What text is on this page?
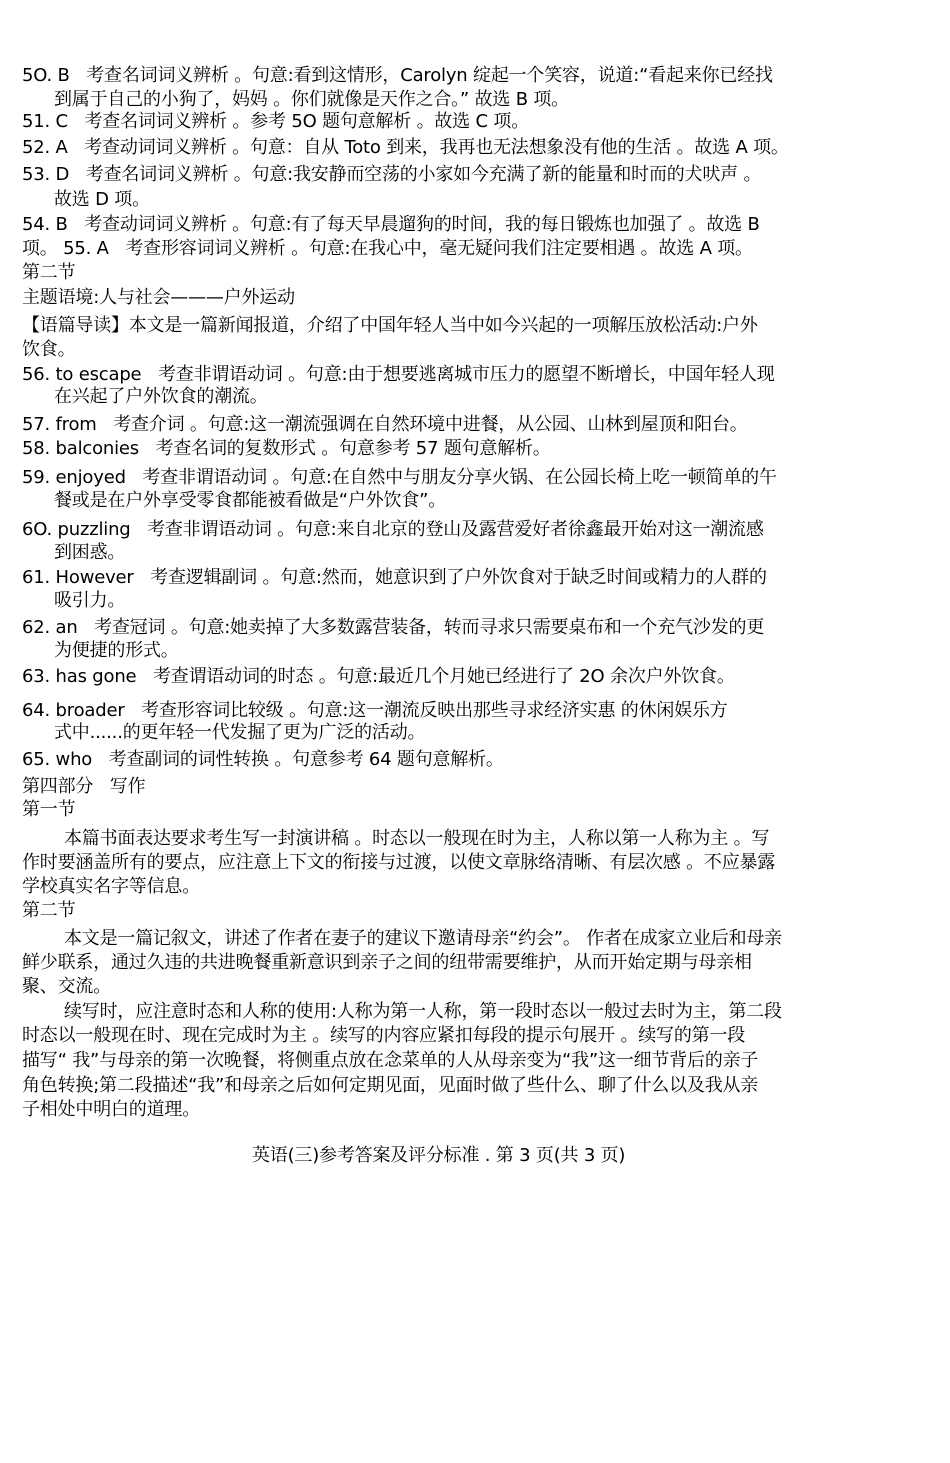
5O. B   考查名词词义辨析 。句意:看到这情形，Carolyn 绽起一个笑容，说道:“看起来你已经找
到属于自己的小狗了，妈妈 。你们就像是天作之合。” 故选 B 项。
51. C   考查名词词义辨析 。参考 5O 题句意解析 。故选 C 项。
52. A   考查动词词义辨析 。句意：自从 Toto 到来，我再也无法想象没有他的生活 。故选 A 项。
53. D   考查名词词义辨析 。句意:我安静而空荡的小家如今充满了新的能量和时而的犬吠声 。
故选 D 项。
54. B   考查动词词义辨析 。句意:有了每天早晨遛狗的时间，我的每日锻炼也加强了 。故选 B
项。 55. A   考查形容词词义辨析 。句意:在我心中，毫无疑问我们注定要相遇 。故选 A 项。
第二节
主题语境:人与社会———户外运动
【语篇导读】本文是一篇新闻报道，介绍了中国年轻人当中如今兴起的一项解压放松活动:户外
饮食。
56. to escape   考查非谓语动词 。句意:由于想要逃离城市压力的愿望不断增长，中国年轻人现
在兴起了户外饮食的潮流。
57. from   考查介词 。句意:这一潮流强调在自然环境中进餐，从公园、山林到屋顶和阳台。
58. balconies   考查名词的复数形式 。句意参考 57 题句意解析。
59. enjoyed   考查非谓语动词 。句意:在自然中与朋友分享火锅、在公园长椅上吃一顿简单的午
餐或是在户外享受零食都能被看做是“户外饮食”。
6O. puzzling   考查非谓语动词 。句意:来自北京的登山及露营爱好者徐鑫最开始对这一潮流感
到困惑。
61. However   考查逻辑副词 。句意:然而，她意识到了户外饮食对于缺乏时间或精力的人群的
吸引力。
62. an   考查冠词 。句意:她卖掉了大多数露营装备，转而寻求只需要桌布和一个充气沙发的更
为便捷的形式。
63. has gone   考查谓语动词的时态 。句意:最近几个月她已经进行了 2O 余次户外饮食。
64. broader   考查形容词比较级 。句意:这一潮流反映出那些寻求经济实惠 的休闲娱乐方
式中......的更年轻一代发掘了更为广泛的活动。
65. who   考查副词的词性转换 。句意参考 64 题句意解析。
第四部分   写作
第一节
本篇书面表达要求考生写一封演讲稿 。时态以一般现在时为主，人称以第一人称为主 。写
作时要涵盖所有的要点，应注意上下文的衔接与过渡，以使文章脉络清晰、有层次感 。不应暴露
学校真实名字等信息。
第二节
本文是一篇记叙文，讲述了作者在妻子的建议下邀请母亲“约会”。 作者在成家立业后和母亲
鲜少联系，通过久违的共进晚餐重新意识到亲子之间的纽带需要维护，从而开始定期与母亲相
聚、交流。
续写时，应注意时态和人称的使用:人称为第一人称，第一段时态以一般过去时为主，第二段
时态以一般现在时、现在完成时为主 。续写的内容应紧扣每段的提示句展开 。续写的第一段
描写“ 我”与母亲的第一次晚餐，将侧重点放在念菜单的人从母亲变为“我”这一细节背后的亲子
角色转换;第二段描述“我”和母亲之后如何定期见面，见面时做了些什么、聊了什么以及我从亲
子相处中明白的道理。
英语(三)参考答案及评分标准 . 第 3 页(共 3 页)
